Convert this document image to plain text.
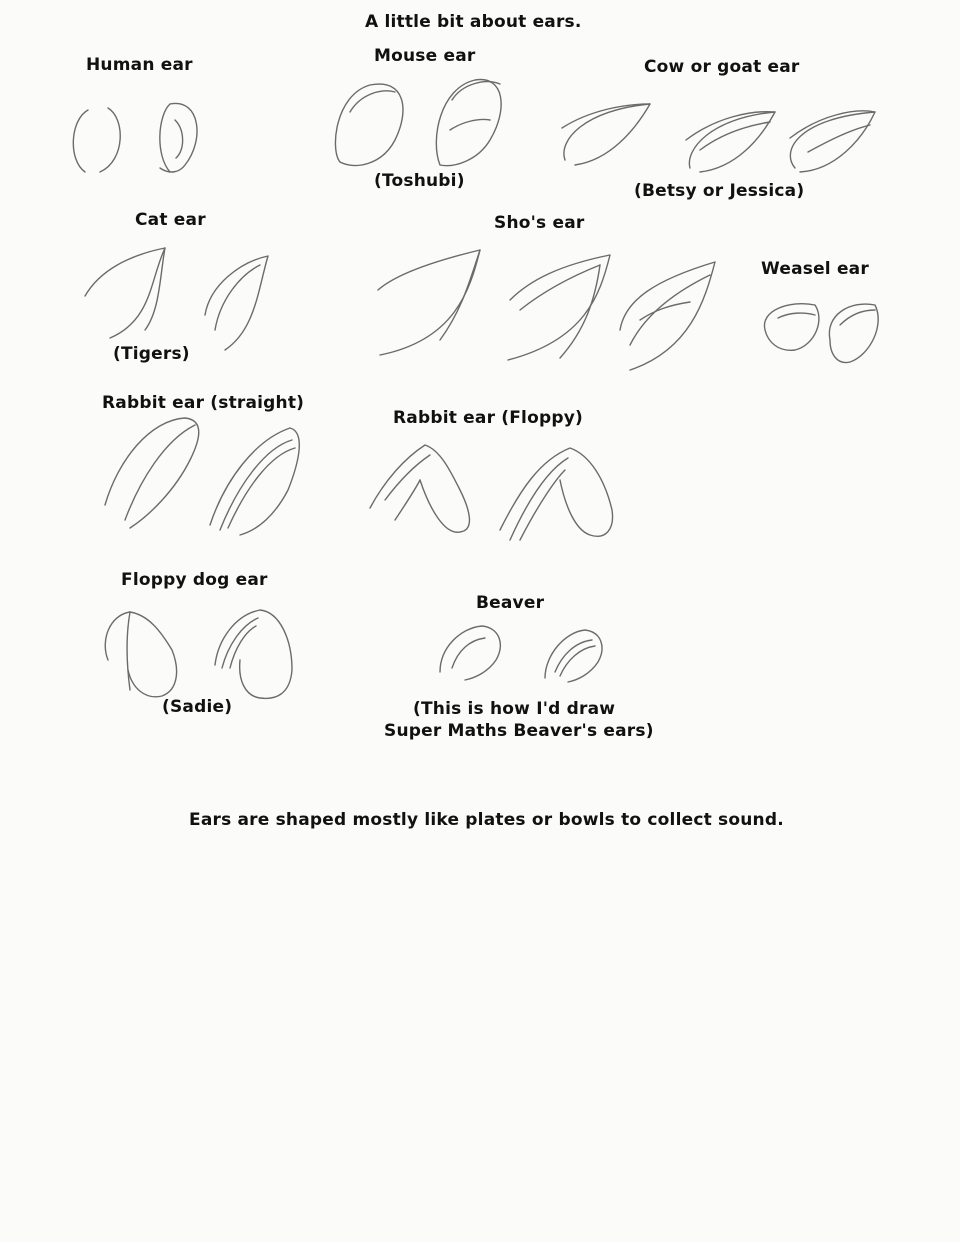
A little bit about ears.
Human ear	Mouse ear
(Toshubi)
Cow or goat ear
(Betsy or Jessica)
Cat ear
(Tigers)
Sho's ear
Weasel ear
Rabbit ear (straight)
Rabbit ear (Floppy)
Floppy dog ear
(Sadie)
Beaver
(This is how I'd draw
Super Maths Beaver's ears)
Ears are shaped mostly like plates or bowls to collect sound.
